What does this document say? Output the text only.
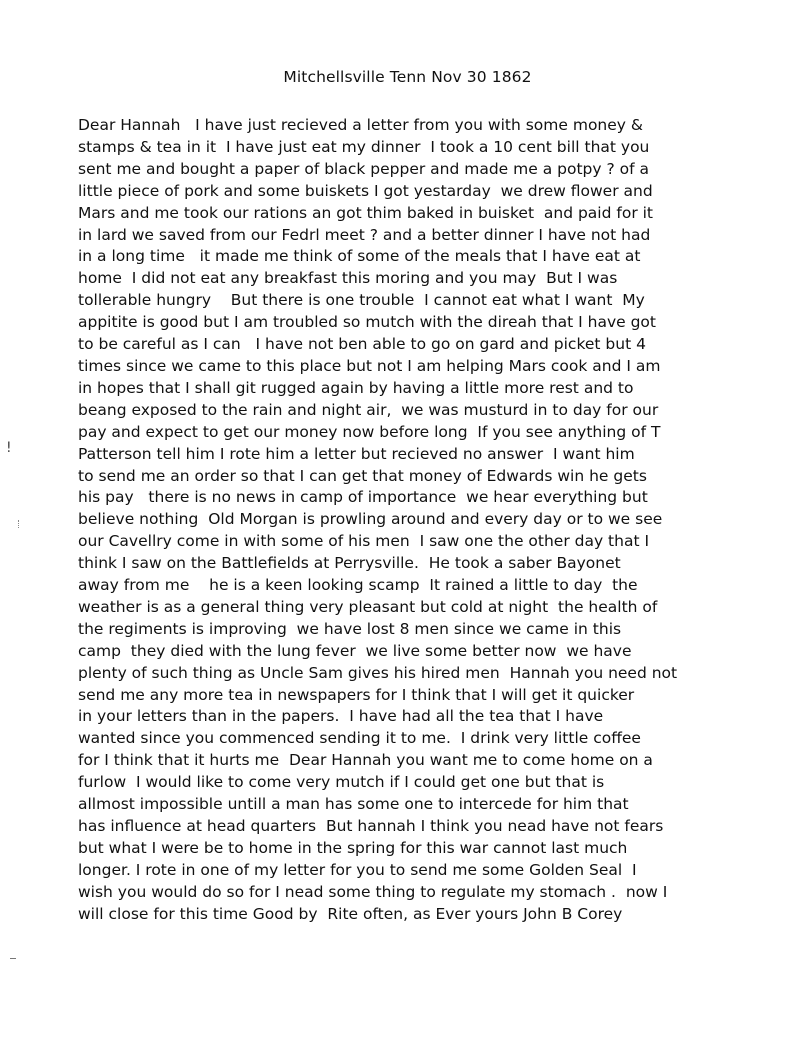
Mitchellsville Tenn Nov 30 1862
Dear Hannah   I have just recieved a letter from you with some money &
stamps & tea in it  I have just eat my dinner  I took a 10 cent bill that you
sent me and bought a paper of black pepper and made me a potpy ? of a
little piece of pork and some buiskets I got yestarday  we drew flower and
Mars and me took our rations an got thim baked in buisket  and paid for it
in lard we saved from our Fedrl meet ? and a better dinner I have not had
in a long time   it made me think of some of the meals that I have eat at
home  I did not eat any breakfast this moring and you may  But I was
tollerable hungry    But there is one trouble  I cannot eat what I want  My
appitite is good but I am troubled so mutch with the direah that I have got
to be careful as I can   I have not ben able to go on gard and picket but 4
times since we came to this place but not I am helping Mars cook and I am
in hopes that I shall git rugged again by having a little more rest and to
beang exposed to the rain and night air,  we was musturd in to day for our
pay and expect to get our money now before long  If you see anything of T
Patterson tell him I rote him a letter but recieved no answer  I want him
to send me an order so that I can get that money of Edwards win he gets
his pay   there is no news in camp of importance  we hear everything but
believe nothing  Old Morgan is prowling around and every day or to we see
our Cavellry come in with some of his men  I saw one the other day that I
think I saw on the Battlefields at Perrysville.  He took a saber Bayonet
away from me    he is a keen looking scamp  It rained a little to day  the
weather is as a general thing very pleasant but cold at night  the health of
the regiments is improving  we have lost 8 men since we came in this
camp  they died with the lung fever  we live some better now  we have
plenty of such thing as Uncle Sam gives his hired men  Hannah you need not
send me any more tea in newspapers for I think that I will get it quicker
in your letters than in the papers.  I have had all the tea that I have
wanted since you commenced sending it to me.  I drink very little coffee
for I think that it hurts me  Dear Hannah you want me to come home on a
furlow  I would like to come very mutch if I could get one but that is
allmost impossible untill a man has some one to intercede for him that
has influence at head quarters  But hannah I think you nead have not fears
but what I were be to home in the spring for this war cannot last much
longer. I rote in one of my letter for you to send me some Golden Seal  I
wish you would do so for I nead some thing to regulate my stomach .  now I
will close for this time Good by  Rite often, as Ever yours John B Corey
!
